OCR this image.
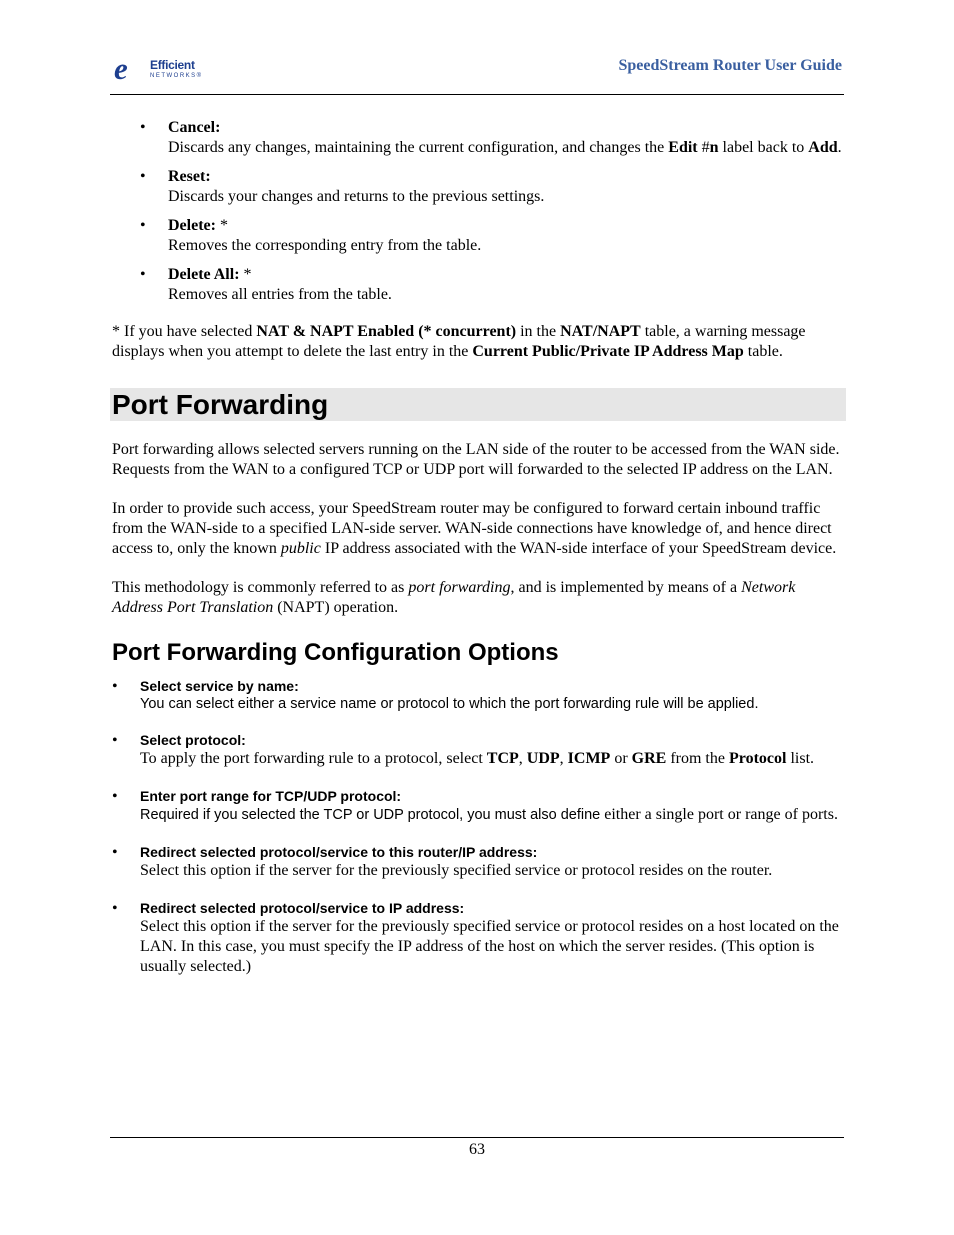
e	Efficient
NETWORKS®
SpeedStream Router User Guide
• Cancel:
Discards any changes, maintaining the current configuration, and changes the Edit #n label back to Add.
• Reset:
Discards your changes and returns to the previous settings.
• Delete: *
Removes the corresponding entry from the table.
• Delete All: *
Removes all entries from the table.

* If you have selected NAT & NAPT Enabled (* concurrent) in the NAT/NAPT table, a warning message displays when you attempt to delete the last entry in the Current Public/Private IP Address Map table.

Port Forwarding

Port forwarding allows selected servers running on the LAN side of the router to be accessed from the WAN side. Requests from the WAN to a configured TCP or UDP port will forwarded to the selected IP address on the LAN.

In order to provide such access, your SpeedStream router may be configured to forward certain inbound traffic from the WAN-side to a specified LAN-side server. WAN-side connections have knowledge of, and hence direct access to, only the known public IP address associated with the WAN-side interface of your SpeedStream device.

This methodology is commonly referred to as port forwarding, and is implemented by means of a Network Address Port Translation (NAPT) operation.

Port Forwarding Configuration Options
• Select service by name:
You can select either a service name or protocol to which the port forwarding rule will be applied.
• Select protocol:
To apply the port forwarding rule to a protocol, select TCP, UDP, ICMP or GRE from the Protocol list.
• Enter port range for TCP/UDP protocol:
Required if you selected the TCP or UDP protocol, you must also define either a single port or range of ports.
• Redirect selected protocol/service to this router/IP address:
Select this option if the server for the previously specified service or protocol resides on the router.
• Redirect selected protocol/service to IP address:
Select this option if the server for the previously specified service or protocol resides on a host located on the LAN. In this case, you must specify the IP address of the host on which the server resides. (This option is usually selected.)
63
